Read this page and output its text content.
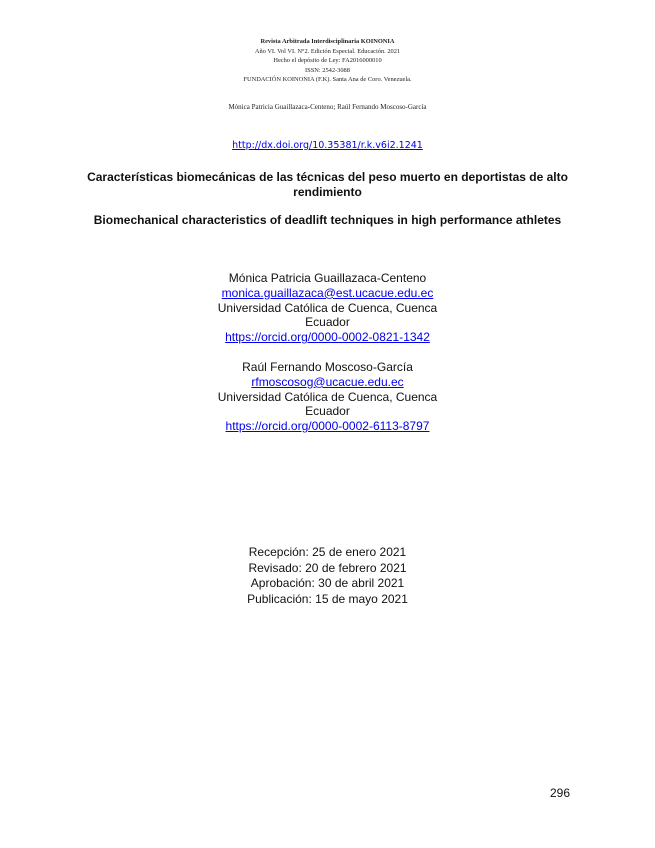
Revista Arbitrada Interdisciplinaria KOINONIA
Año VI. Vol VI. N°2. Edición Especial. Educación. 2021
Hecho el depósito de Ley: FA2016000010
ISSN: 2542-3088
FUNDACIÓN KOINONIA (F.K). Santa Ana de Coro. Venezuela.
Mónica Patricia Guaillazaca-Centeno; Raúl Fernando Moscoso-García
http://dx.doi.org/10.35381/r.k.v6i2.1241
Características biomecánicas de las técnicas del peso muerto en deportistas de alto rendimiento
Biomechanical characteristics of deadlift techniques in high performance athletes
Mónica Patricia Guaillazaca-Centeno
monica.guaillazaca@est.ucacue.edu.ec
Universidad Católica de Cuenca, Cuenca
Ecuador
https://orcid.org/0000-0002-0821-1342
Raúl Fernando Moscoso-García
rfmoscosog@ucacue.edu.ec
Universidad Católica de Cuenca, Cuenca
Ecuador
https://orcid.org/0000-0002-6113-8797
Recepción: 25 de enero 2021
Revisado: 20 de febrero 2021
Aprobación: 30 de abril 2021
Publicación: 15 de mayo 2021
296
